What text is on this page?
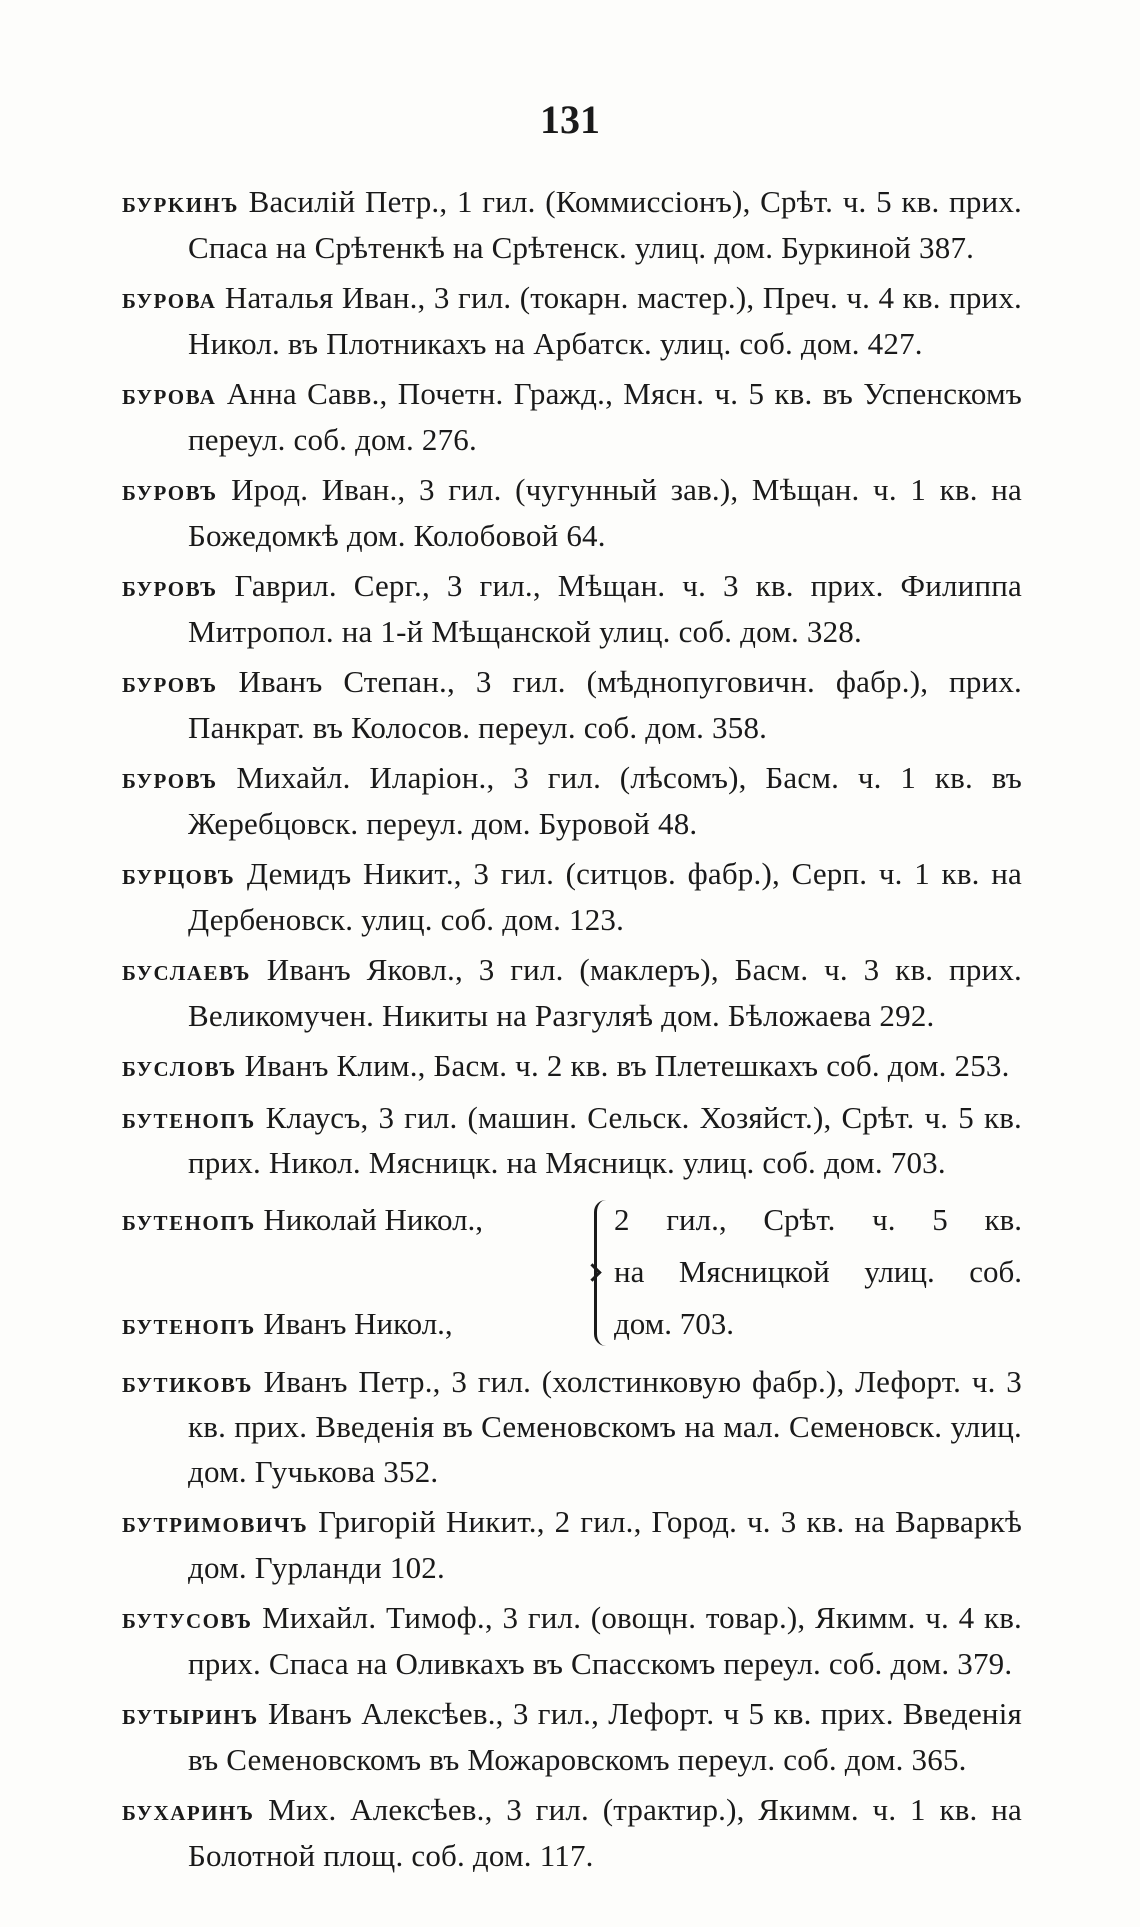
131

бурkинъ Василій Петр., 1 гил. (Коммиссіонъ), Срѣт. ч. 5 кв. прих. Спаса на Срѣтенкѣ на Срѣтенск. улиц. дом. Буркиной 387.

бурова Наталья Иван., 3 гил. (токарн. мастер.), Преч. ч. 4 кв. прих. Никол. въ Плотникахъ на Арбатск. улиц. соб. дом. 427.

бурова Анна Савв., Почетн. Гражд., Мясн. ч. 5 кв. въ Успенскомъ переул. соб. дом. 276.

буровъ Ирод. Иван., 3 гил. (чугунный зав.), Мѣщан. ч. 1 кв. на Божедомкѣ дом. Колобовой 64.

буровъ Гаврил. Серг., 3 гил., Мѣщан. ч. 3 кв. прих. Филиппа Митропол. на 1-й Мѣщанской улиц. соб. дом. 328.

буровъ Иванъ Степан., 3 гил. (мѣднопуговичн. фабр.), прих. Панкрат. въ Колосов. переул. соб. дом. 358.

буровъ Михайл. Иларіон., 3 гил. (лѣсомъ), Басм. ч. 1 кв. въ Жеребцовск. переул. дом. Буровой 48.

бурцовъ Демидъ Никит., 3 гил. (ситцов. фабр.), Серп. ч. 1 кв. на Дербеновск. улиц. соб. дом. 123.

буслаевъ Иванъ Яковл., 3 гил. (маклеръ), Басм. ч. 3 кв. прих. Великомучен. Никиты на Разгуляѣ дом. Бѣложаева 292.

бусловъ Иванъ Клим., Басм. ч. 2 кв. въ Плетешкахъ соб. дом. 253.

бутенопъ Клаусъ, 3 гил. (машин. Сельск. Хозяйст.), Срѣт. ч. 5 кв. прих. Никол. Мясницк. на Мясницк. улиц. соб. дом. 703.

бутенопъ Николай Никол.,
бутенопъ Иванъ Никол.,
2 гил., Срѣт. ч. 5 кв.
на Мясницкой улиц. соб.
дом. 703.

бутиковъ Иванъ Петр., 3 гил. (холстинковую фабр.), Лефорт. ч. 3 кв. прих. Введенія въ Семеновскомъ на мал. Семеновск. улиц. дом. Гучькова 352.

бутримовичъ Григорій Никит., 2 гил., Город. ч. 3 кв. на Варваркѣ дом. Гурланди 102.

бутусовъ Михайл. Тимоф., 3 гил. (овощн. товар.), Якимм. ч. 4 кв. прих. Спаса на Оливкахъ въ Спасскомъ переул. соб. дом. 379.

бутыринъ Иванъ Алексѣев., 3 гил., Лефорт. ч 5 кв. прих. Введенія въ Семеновскомъ въ Можаровскомъ переул. соб. дом. 365.

бухаринъ Мих. Алексѣев., 3 гил. (трактир.), Якимм. ч. 1 кв. на Болотной площ. соб. дом. 117.
